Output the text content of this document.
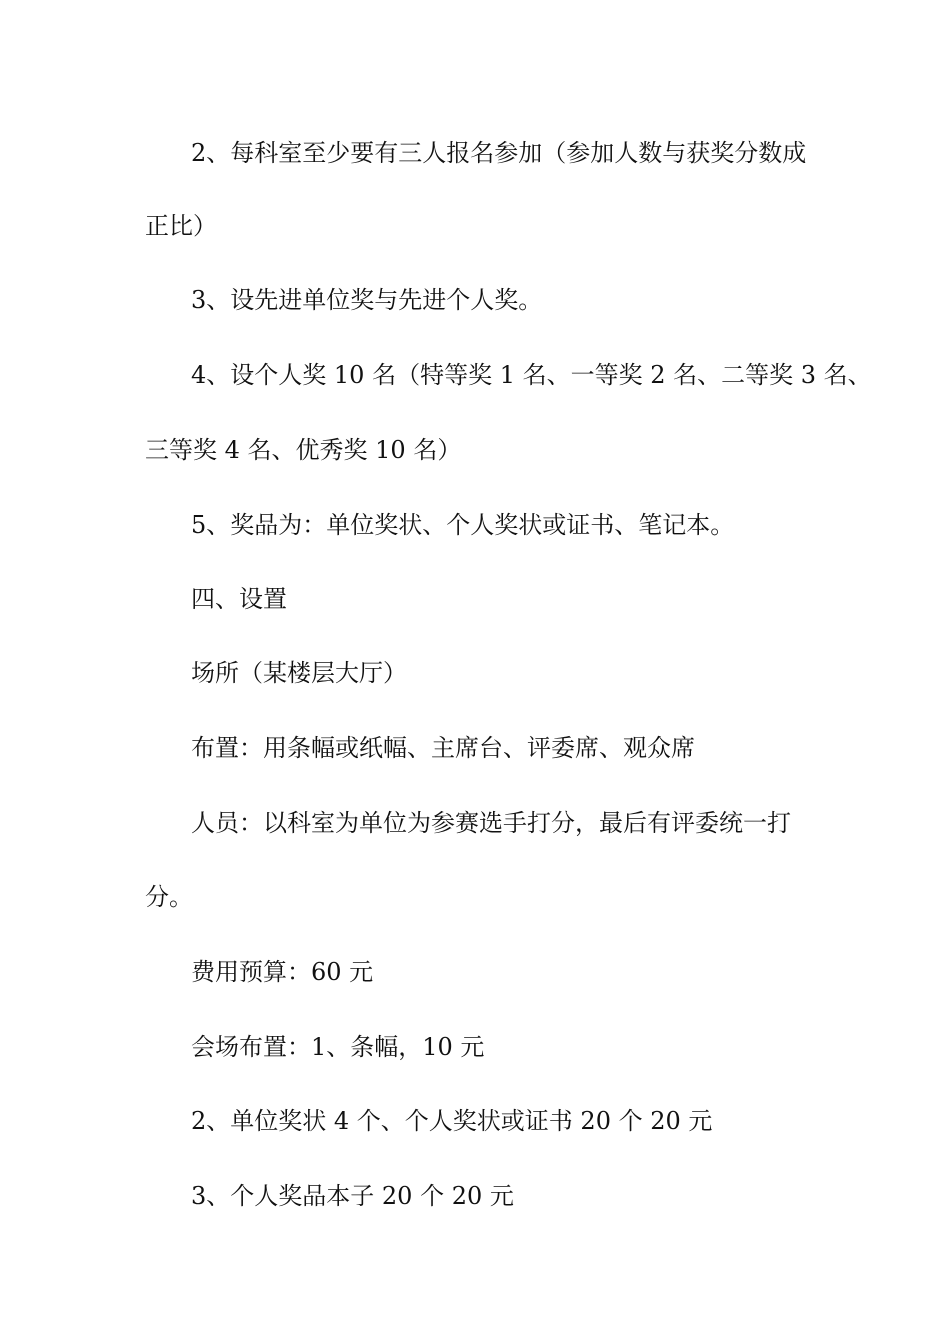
2、每科室至少要有三人报名参加（参加人数与获奖分数成
正比）
3、设先进单位奖与先进个人奖。
4、设个人奖 10 名（特等奖 1 名、一等奖 2 名、二等奖 3 名、
三等奖 4 名、优秀奖 10 名）
5、奖品为：单位奖状、个人奖状或证书、笔记本。
四、设置
场所（某楼层大厅）
布置：用条幅或纸幅、主席台、评委席、观众席
人员：以科室为单位为参赛选手打分，最后有评委统一打
分。
费用预算：60 元
会场布置：1、条幅，10 元
2、单位奖状 4 个、个人奖状或证书 20 个 20 元
3、个人奖品本子 20 个 20 元
